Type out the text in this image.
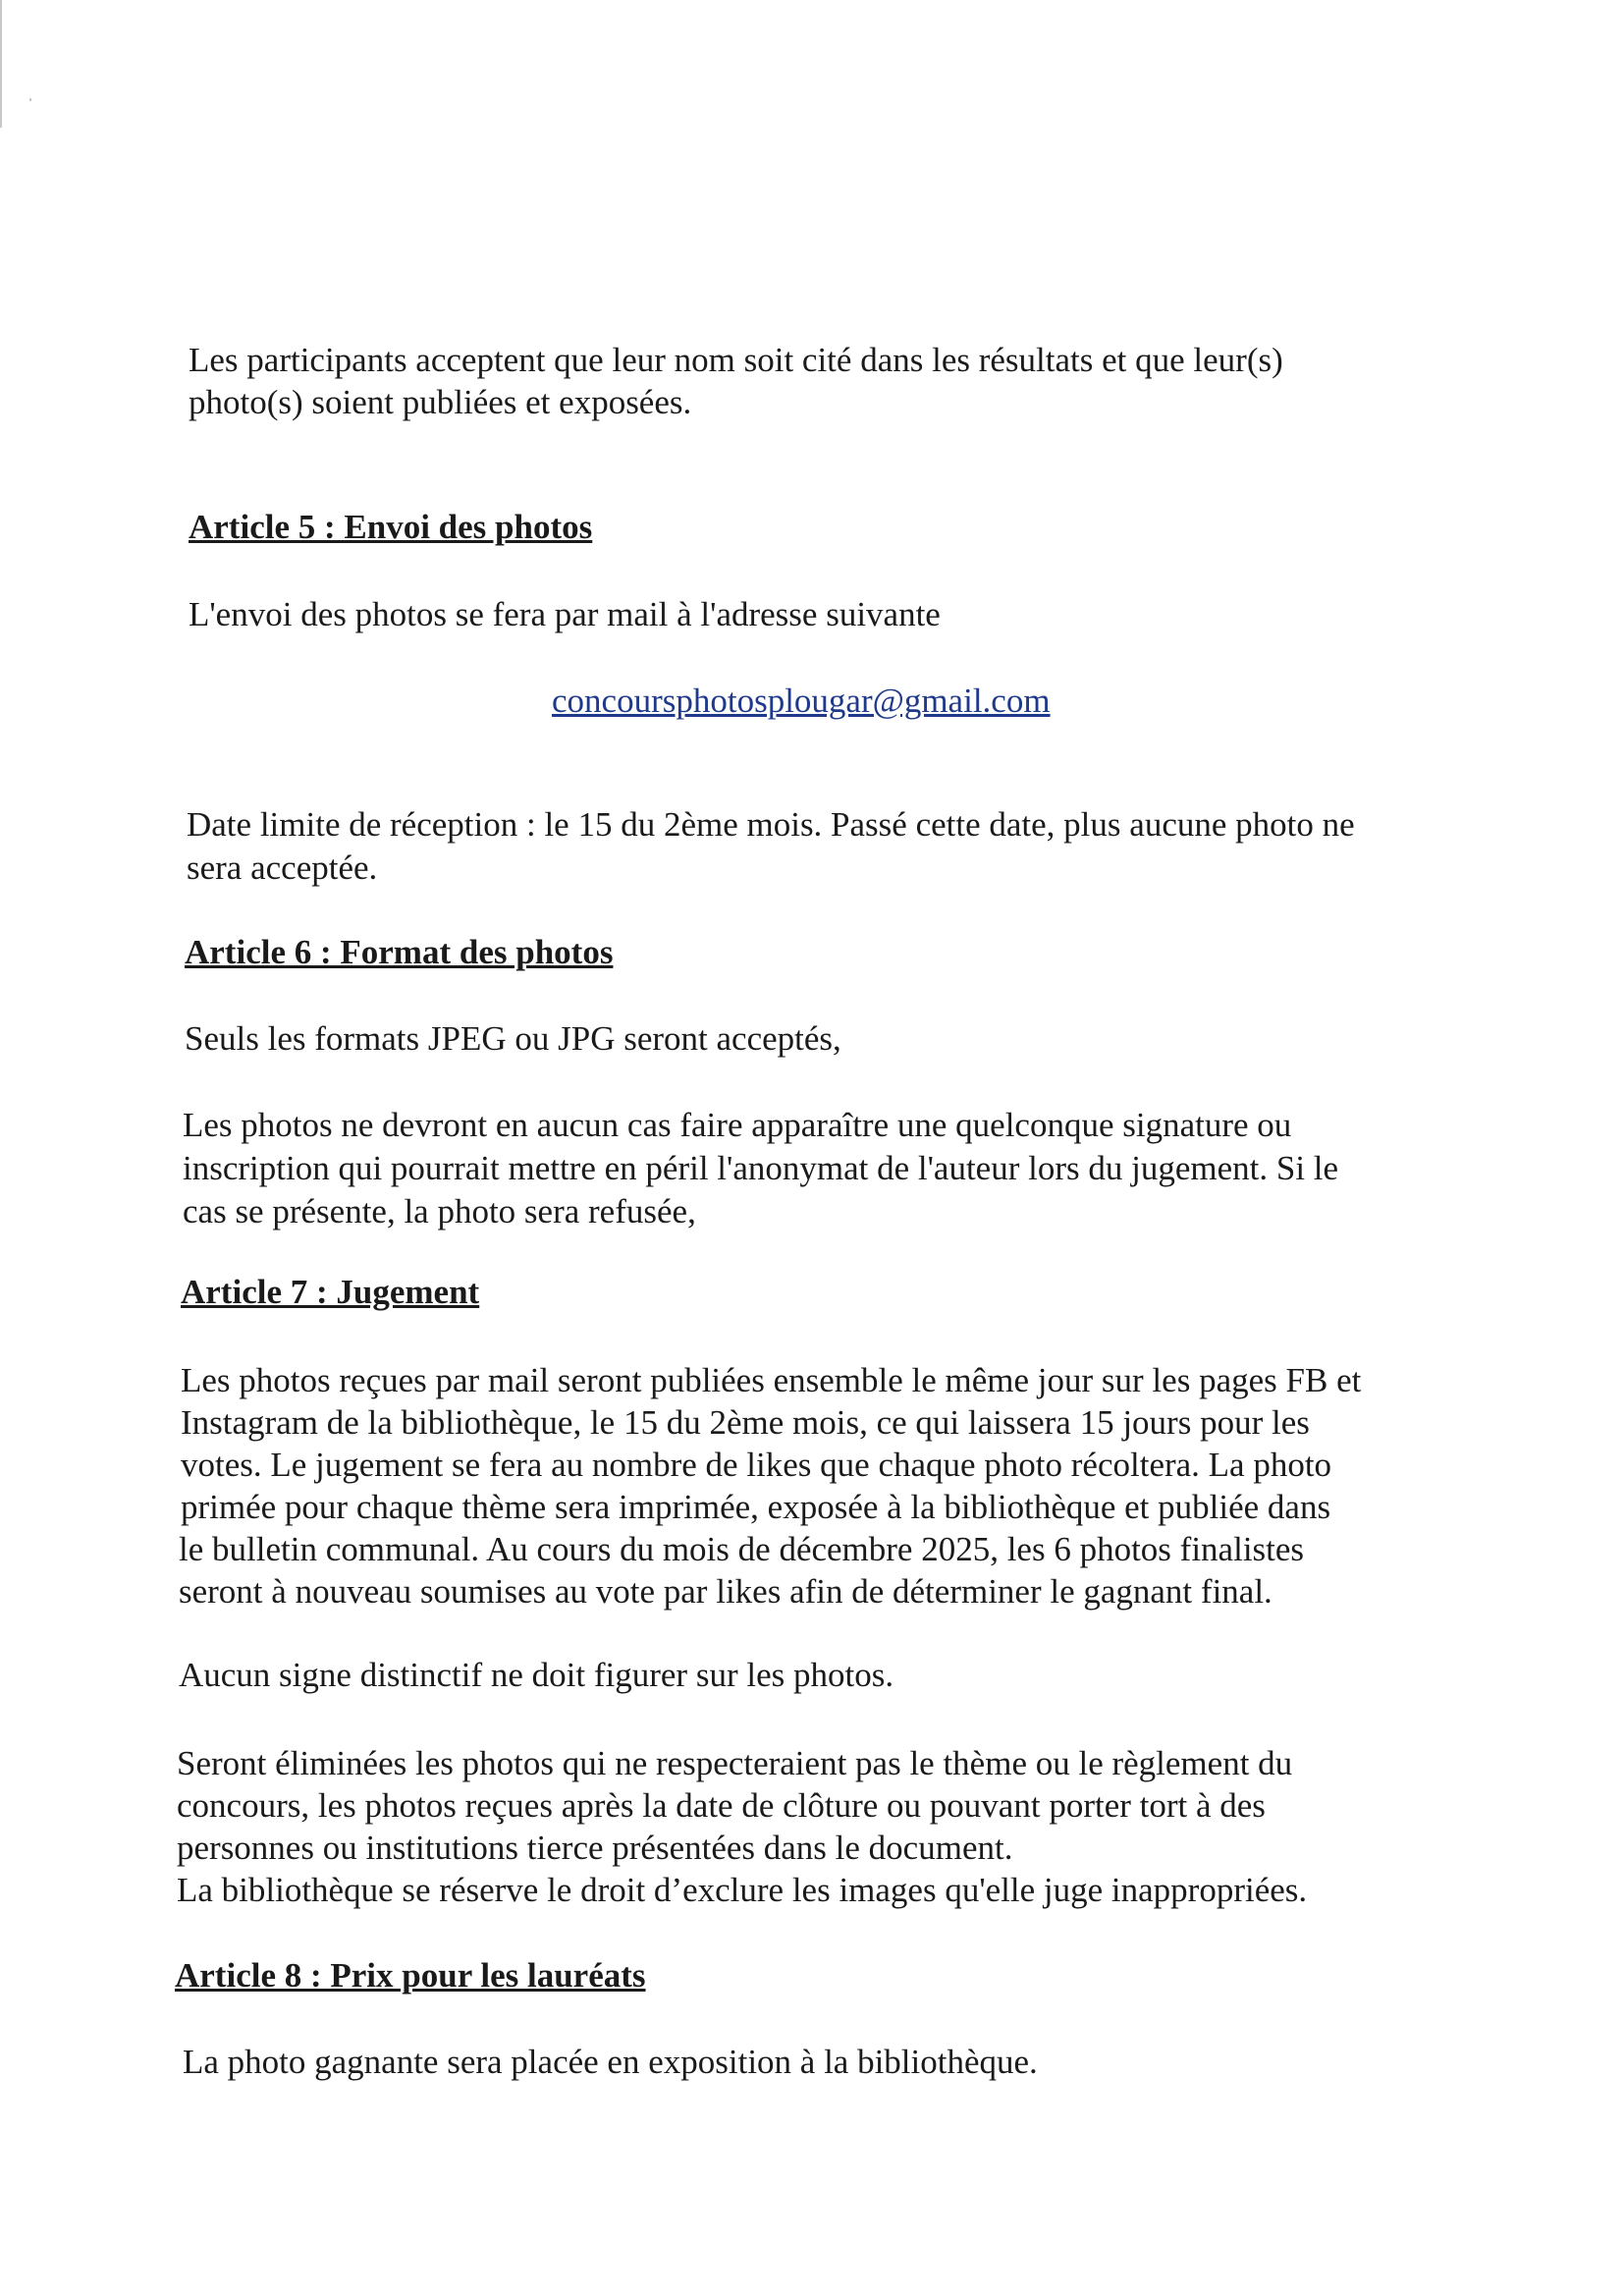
Les participants acceptent que leur nom soit cité dans les résultats et que leur(s)
photo(s) soient publiées et exposées.
Article 5 : Envoi des photos
L'envoi des photos se fera par mail à l'adresse suivante
concoursphotosplougar@gmail.com
Date limite de réception : le 15 du 2ème mois. Passé cette date, plus aucune photo ne
sera acceptée.
Article 6 : Format des photos
Seuls les formats JPEG ou JPG seront acceptés,
Les photos ne devront en aucun cas faire apparaître une quelconque signature ou
inscription qui pourrait mettre en péril l'anonymat de l'auteur lors du jugement. Si le
cas se présente, la photo sera refusée,
Article 7 : Jugement
Les photos reçues par mail seront publiées ensemble le même jour sur les pages FB et
Instagram de la bibliothèque, le 15 du 2ème mois, ce qui laissera 15 jours pour les
votes. Le jugement se fera au nombre de likes que chaque photo récoltera. La photo
primée pour chaque thème sera imprimée, exposée à la bibliothèque et publiée dans
le bulletin communal. Au cours du mois de décembre 2025, les 6 photos finalistes
seront à nouveau soumises au vote par likes afin de déterminer le gagnant final.
Aucun signe distinctif ne doit figurer sur les photos.
Seront éliminées les photos qui ne respecteraient pas le thème ou le règlement du
concours, les photos reçues après la date de clôture ou pouvant porter tort à des
personnes ou institutions tierce présentées dans le document.
La bibliothèque se réserve le droit d’exclure les images qu'elle juge inappropriées.
Article 8 : Prix pour les lauréats
La photo gagnante sera placée en exposition à la bibliothèque.
